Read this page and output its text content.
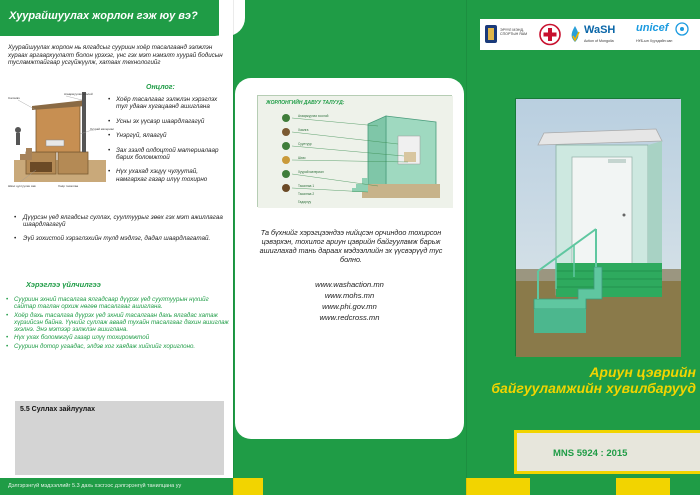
Хуурайшуулах жорлон гэж юу вэ?
Хуурайшуулах жорлон нь ялгадсыг сууриин хоёр тасалгаанд ээлжлэн хураах аргаархуулалт болон үрэхэг, үнс гэх мэт нэмэлт хуурай бодисын тусламжтайгаар усгүйжүүлж, хатаах технологийг
Салхивч
Агааржуулах хоолой
Хуурай материал
Шээс цуглуулах сав	Хоёр тасалгаа
Онцлог:
• Хоёр тасалгааг ээлжлэн хэрэглэх тул удаан хугацаанд ашиглана
• Усны эх үүсвэр шаардлагагүй
• Үнэргүй, ялаагүй
• Зах зээлд олдоцтой материалаар барих боломжтой
• Нүх ухахад хэцүү чулуутай, намгархаг газар илүү тохирно
• Дүүрсэн үед ялгадсыг суллах, суултуурыг зөөх гэх мэт ажиллагаа шаардлагагүй
• Эүй зохистой хэрэглэхийн тулд мэдлэг, дадал шаардлагатай.
Хэрэглээ үйлчилгээ
• Сууриин эхний тасалгаа ялгадсаар дүүрэх үед суултуурын нүхийг сайтар таглан орхиж нөгөө тасалгааг ашиглана.
• Хоёр дахь тасалгаа дүүрэх үед эхний тасалгаан дахь ялгадас хатаж хүрзийсэн байна. Үүнийг суллаж аваад тухайн тасалгааг дахин ашиглаж эхэлнэ. Энэ мэтээр ээлжлэн ашиглана.
• Нүх ухах боломжгүй газар илүү тохиромжтой
• Сууриин дотор угаадас, элдэв хог хаядаж хийхийг хориглоно.
5.5 Суллах зайлуулах
Дэлгэрэнгүй мэдээллийг 5.3 дахь хэсгээс дэлгэрэнгүй танилцана уу
Агааржуулах хоолой
Хаалга
Суултуур
Шээс
Хуурай материал
Тасалгаа 1
Тасалгаа 2
Гадаргуу
ЖОРЛОНГИЙН ДАВУУ ТАЛУУД:
Та бүхнийг хэрэгцээндээ нийцсэн орчиндоо тохирсон цэвэрхэн, тохилог ариун цэврийн байгууламж барьж ашиглахад тань дараах мэдээллийн эх үүсвэрүүд тус болно.
www.washaction.mn
www.mohs.mn
www.phi.gov.mn
www.redcross.mn
ЭРҮҮЛ МЭНД, СПОРТЫН ЯАМ	WaSH
Action of Mongolia
unicef
НҮБ-ын Хүүхдийн сан
Ариун цэврийн
байгууламжийн хувилбарууд
MNS 5924 : 2015
